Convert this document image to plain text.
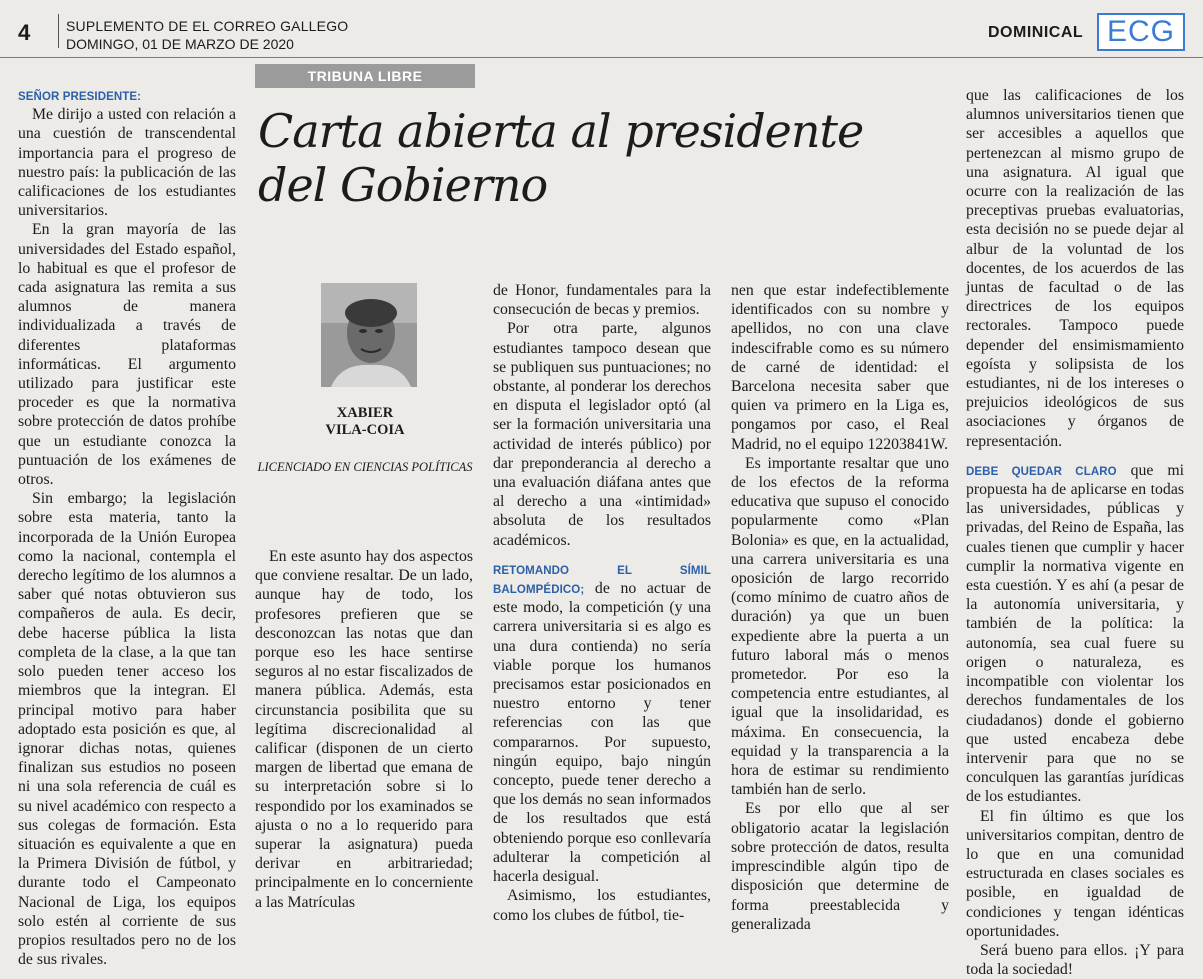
4	SUPLEMENTO DE EL CORREO GALLEGO
DOMINGO, 01 DE MARZO DE 2020
DOMINICAL ECG
TRIBUNA LIBRE
Carta abierta al presidente del Gobierno
XABIER
VILA-COIA
LICENCIADO EN CIENCIAS POLÍTICAS

SEÑOR PRESIDENTE:

Me dirijo a usted con relación a una cuestión de transcendental importancia para el progreso de nuestro país: la publicación de las calificaciones de los estudiantes universitarios.

En la gran mayoría de las universidades del Estado español, lo habitual es que el profesor de cada asignatura las remita a sus alumnos de manera individualizada a través de diferentes plataformas informáticas. El argumento utilizado para justificar este proceder es que la normativa sobre protección de datos prohíbe que un estudiante conozca la puntuación de los exámenes de otros.

Sin embargo; la legislación sobre esta materia, tanto la incorporada de la Unión Europea como la nacional, contempla el derecho legítimo de los alumnos a saber qué notas obtuvieron sus compañeros de aula. Es decir, debe hacerse pública la lista completa de la clase, a la que tan solo pueden tener acceso los miembros que la integran. El principal motivo para haber adoptado esta posición es que, al ignorar dichas notas, quienes finalizan sus estudios no poseen ni una sola referencia de cuál es su nivel académico con respecto a sus colegas de formación. Esta situación es equivalente a que en la Primera División de fútbol, y durante todo el Campeonato Nacional de Liga, los equipos solo estén al corriente de sus propios resultados pero no de los de sus rivales.

En este asunto hay dos aspectos que conviene resaltar. De un lado, aunque hay de todo, los profesores prefieren que se desconozcan las notas que dan porque eso les hace sentirse seguros al no estar fiscalizados de manera pública. Además, esta circunstancia posibilita que su legítima discrecionalidad al calificar (disponen de un cierto margen de libertad que emana de su interpretación sobre si lo respondido por los examinados se ajusta o no a lo requerido para superar la asignatura) pueda derivar en arbitrariedad; principalmente en lo concerniente a las Matrículas

de Honor, fundamentales para la consecución de becas y premios.

Por otra parte, algunos estudiantes tampoco desean que se publiquen sus puntuaciones; no obstante, al ponderar los derechos en disputa el legislador optó (al ser la formación universitaria una actividad de interés público) por dar preponderancia al derecho a una evaluación diáfana antes que al derecho a una «intimidad» absoluta de los resultados académicos.

RETOMANDO EL SÍMIL BALOMPÉDICO; de no actuar de este modo, la competición (y una carrera universitaria si es algo es una dura contienda) no sería viable porque los humanos precisamos estar posicionados en nuestro entorno y tener referencias con las que compararnos. Por supuesto, ningún equipo, bajo ningún concepto, puede tener derecho a que los demás no sean informados de los resultados que está obteniendo porque eso conllevaría adulterar la competición al hacerla desigual.

Asimismo, los estudiantes, como los clubes de fútbol, tie-

nen que estar indefectiblemente identificados con su nombre y apellidos, no con una clave indescifrable como es su número de carné de identidad: el Barcelona necesita saber que quien va primero en la Liga es, pongamos por caso, el Real Madrid, no el equipo 12203841W.

Es importante resaltar que uno de los efectos de la reforma educativa que supuso el conocido popularmente como «Plan Bolonia» es que, en la actualidad, una carrera universitaria es una oposición de largo recorrido (como mínimo de cuatro años de duración) ya que un buen expediente abre la puerta a un futuro laboral más o menos prometedor. Por eso la competencia entre estudiantes, al igual que la insolidaridad, es máxima. En consecuencia, la equidad y la transparencia a la hora de estimar su rendimiento también han de serlo.

Es por ello que al ser obligatorio acatar la legislación sobre protección de datos, resulta imprescindible algún tipo de disposición que determine de forma preestablecida y generalizada

que las calificaciones de los alumnos universitarios tienen que ser accesibles a aquellos que pertenezcan al mismo grupo de una asignatura. Al igual que ocurre con la realización de las preceptivas pruebas evaluatorias, esta decisión no se puede dejar al albur de la voluntad de los docentes, de los acuerdos de las juntas de facultad o de las directrices de los equipos rectorales. Tampoco puede depender del ensimismamiento egoísta y solipsista de los estudiantes, ni de los intereses o prejuicios ideológicos de sus asociaciones y órganos de representación.

DEBE QUEDAR CLARO que mi propuesta ha de aplicarse en todas las universidades, públicas y privadas, del Reino de España, las cuales tienen que cumplir y hacer cumplir la normativa vigente en esta cuestión. Y es ahí (a pesar de la autonomía universitaria, y también de la política: la autonomía, sea cual fuere su origen o naturaleza, es incompatible con violentar los derechos fundamentales de los ciudadanos) donde el gobierno que usted encabeza debe intervenir para que no se conculquen las garantías jurídicas de los estudiantes.

El fin último es que los universitarios compitan, dentro de lo que en una comunidad estructurada en clases sociales es posible, en igualdad de condiciones y tengan idénticas oportunidades.

Será bueno para ellos. ¡Y para toda la sociedad!
